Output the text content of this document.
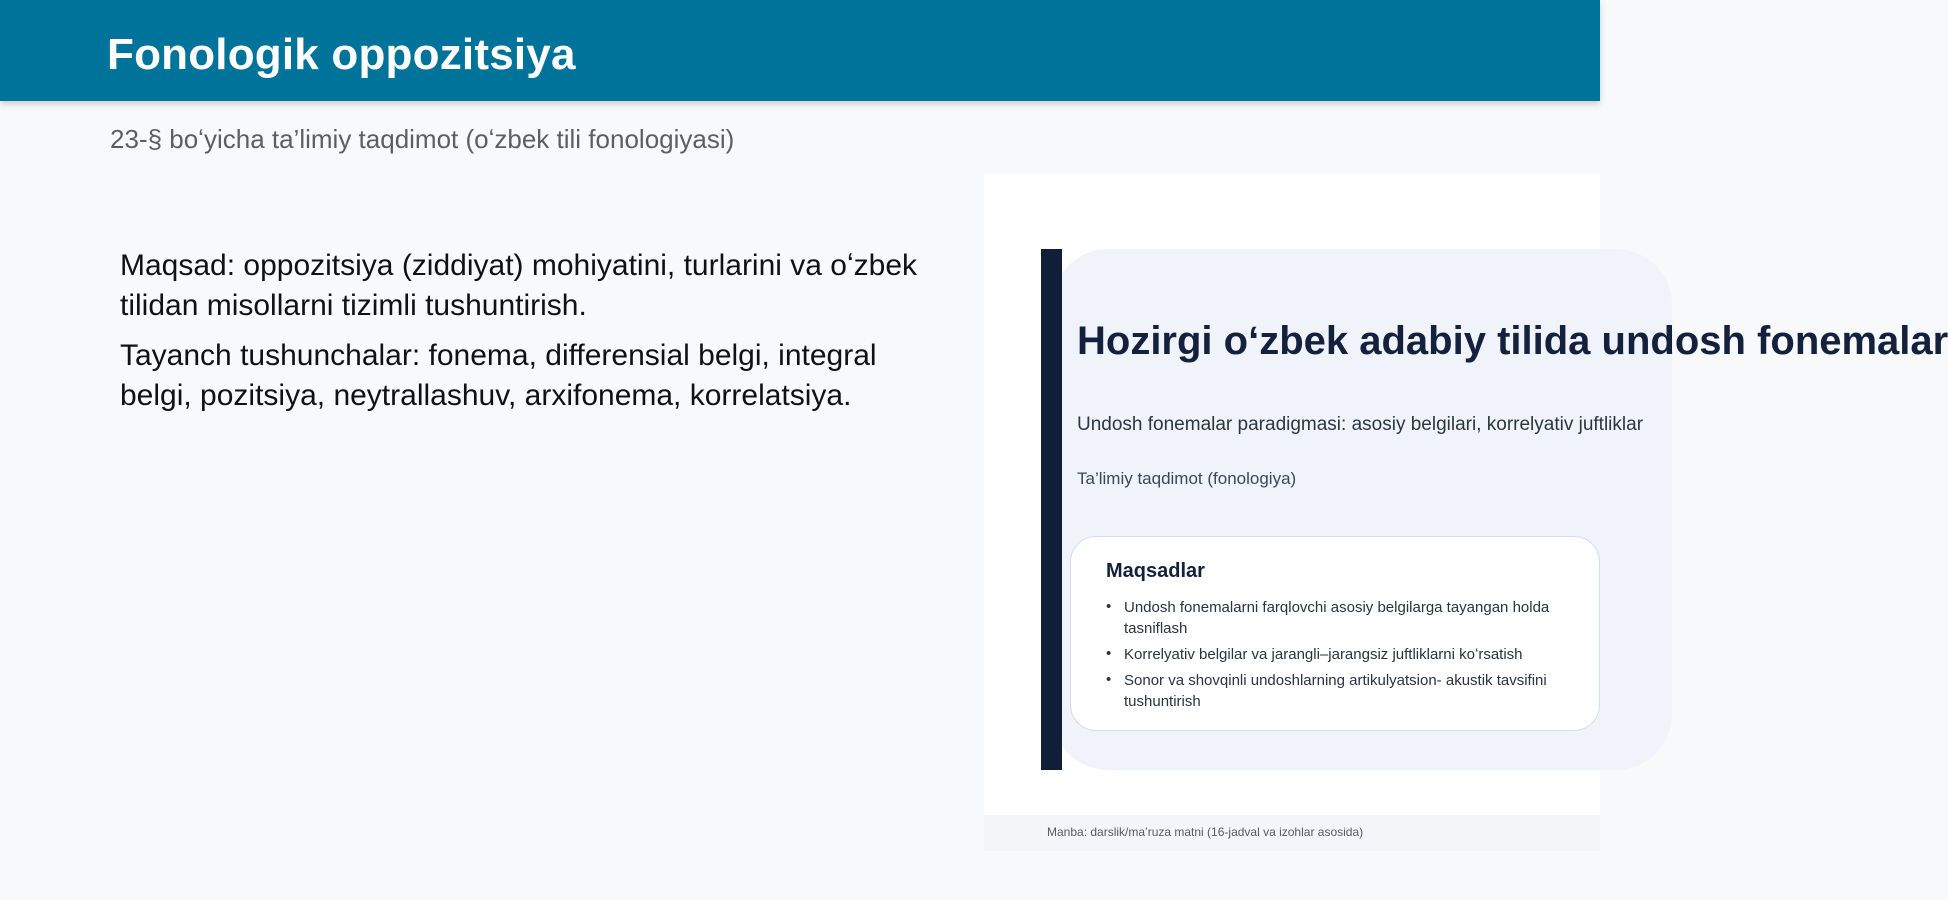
Fonologik oppozitsiya
23-§ boʻyicha ta’limiy taqdimot (oʻzbek tili fonologiyasi)

Maqsad: oppozitsiya (ziddiyat) mohiyatini, turlarini va oʻzbek tilidan misollarni tizimli tushuntirish.

Tayanch tushunchalar: fonema, differensial belgi, integral belgi, pozitsiya, neytrallashuv, arxifonema, korrelatsiya.

Hozirgi oʻzbek adabiy tilida undosh fonemalar
Undosh fonemalar paradigmasi: asosiy belgilari, korrelyativ juftliklar
Ta’limiy taqdimot (fonologiya)
Maqsadlar
• Undosh fonemalarni farqlovchi asosiy belgilarga tayangan holda tasniflash
• Korrelyativ belgilar va jarangli–jarangsiz juftliklarni koʻrsatish
• Sonor va shovqinli undoshlarning artikulyatsion- akustik tavsifini tushuntirish
Manba: darslik/ma’ruza matni (16-jadval va izohlar asosida)
